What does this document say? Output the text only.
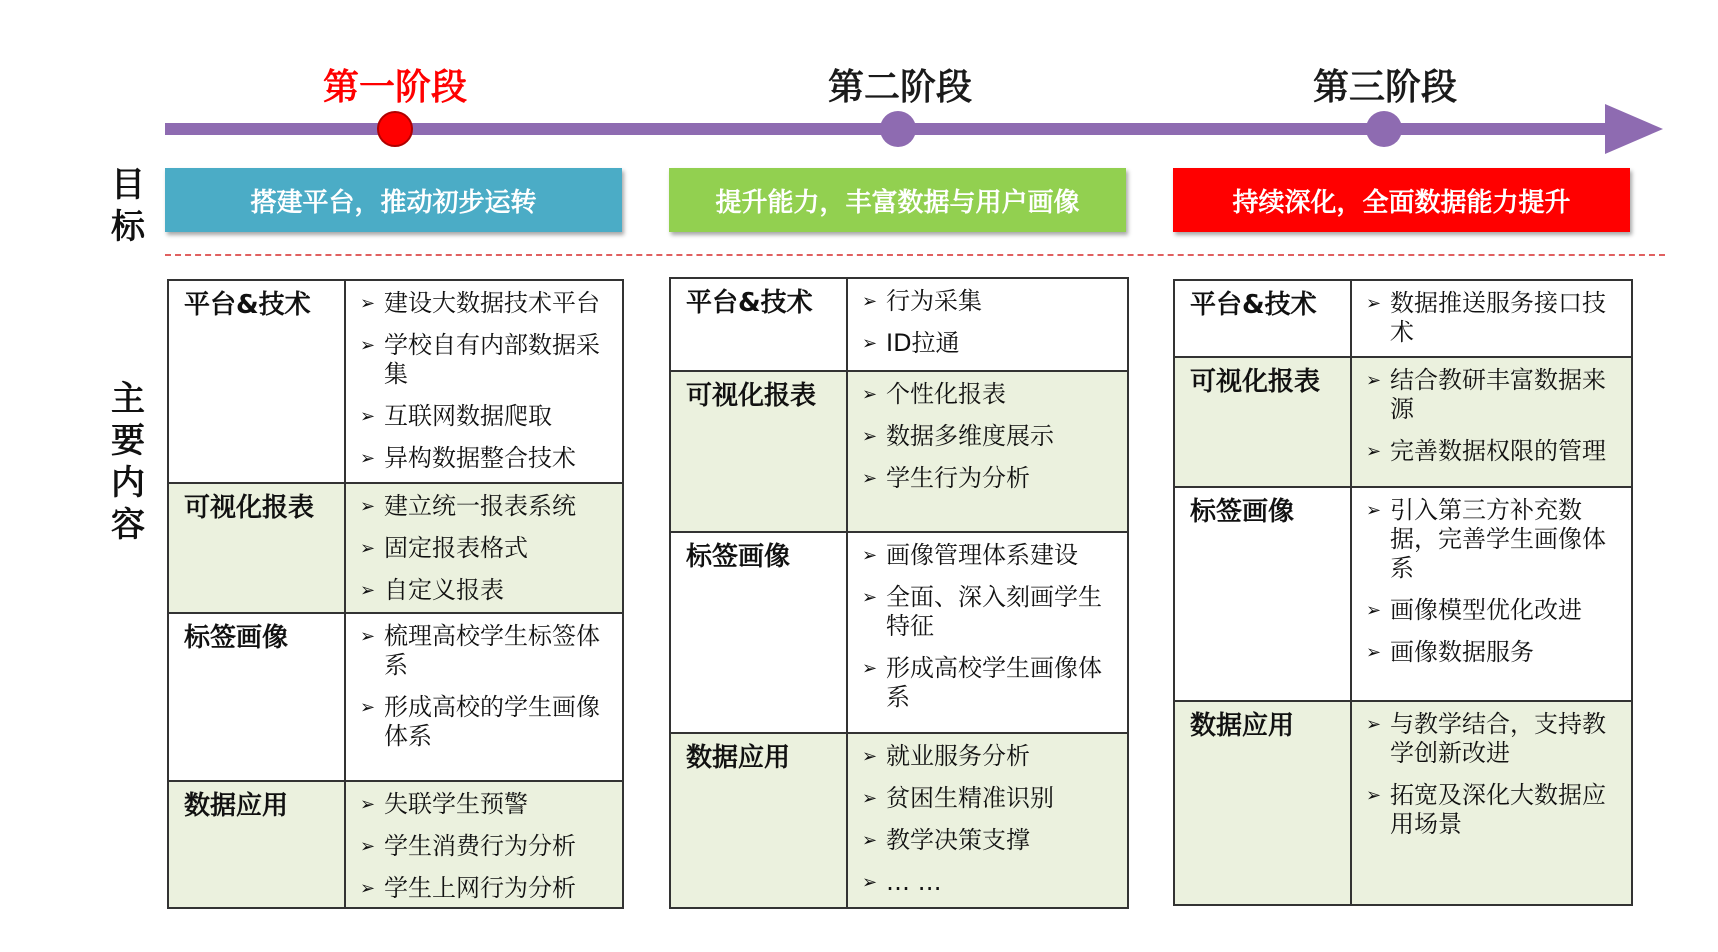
第一阶段	第二阶段	第三阶段
目标
主要内容
搭建平台，推动初步运转	提升能力，丰富数据与用户画像	持续深化，全面数据能力提升
平台&技术	➢ 建设大数据技术平台
➢ 学校自有内部数据采集
➢ 互联网数据爬取
➢ 异构数据整合技术
可视化报表	➢ 建立统一报表系统
➢ 固定报表格式
➢ 自定义报表
标签画像	➢ 梳理高校学生标签体系
➢ 形成高校的学生画像体系
数据应用	➢ 失联学生预警
➢ 学生消费行为分析
➢ 学生上网行为分析
平台&技术	➢ 行为采集
➢ ID拉通
可视化报表	➢ 个性化报表
➢ 数据多维度展示
➢ 学生行为分析
标签画像	➢ 画像管理体系建设
➢ 全面、深入刻画学生特征
➢ 形成高校学生画像体系
数据应用	➢ 就业服务分析
➢ 贫困生精准识别
➢ 教学决策支撑
➢ … …
平台&技术	➢ 数据推送服务接口技术
可视化报表	➢ 结合教研丰富数据来源
➢ 完善数据权限的管理
标签画像	➢ 引入第三方补充数据，完善学生画像体系
➢ 画像模型优化改进
➢ 画像数据服务
数据应用	➢ 与教学结合，支持教学创新改进
➢ 拓宽及深化大数据应用场景
